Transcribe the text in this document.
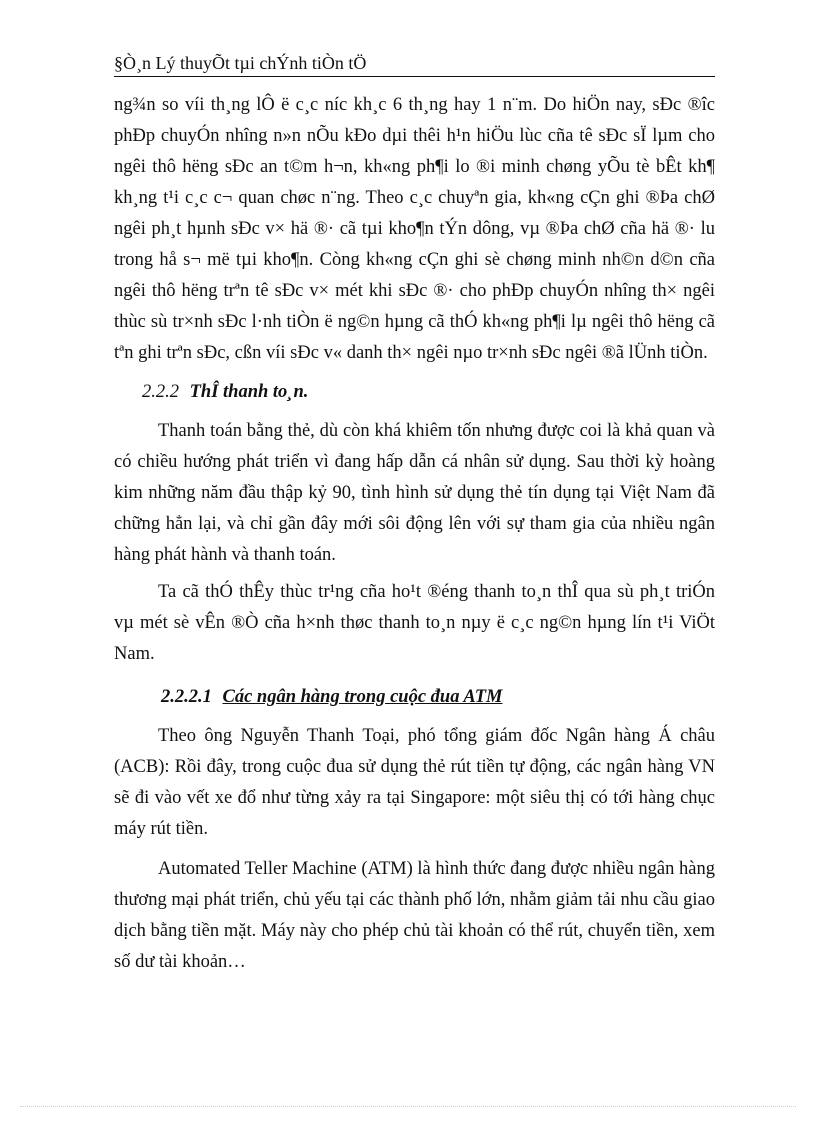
§Ò¸n Lý thuyÕt tµi chÝnh tiÒn tÖ

ng¾n so víi th¸ng lÔ ë c¸c níc kh¸c 6 th¸ng hay 1 n¨m. Do hiÖn nay, sÐc ®îc phÐp chuyÓn nhîng n»n nÕu kÐo dµi thêi h¹n hiÖu lùc cña tê sÐc sÏ lµm cho ngêi thô hëng sÐc an t©m h¬n, kh«ng ph¶i lo ®i minh chøng yÕu tè bÊt kh¶ kh¸ng t¹i c¸c c¬ quan chøc n¨ng. Theo c¸c chuyªn gia, kh«ng cÇn ghi ®Þa chØ ngêi ph¸t hµnh sÐc v× hä ®· cã tµi kho¶n tÝn dông, vµ ®Þa chØ cña hä ®· lu trong hå s¬ më tµi kho¶n. Còng kh«ng cÇn ghi sè chøng minh nh©n d©n cña ngêi thô hëng trªn tê sÐc v× mét khi sÐc ®· cho phÐp chuyÓn nhîng th× ngêi thùc sù tr×nh sÐc l·nh tiÒn ë ng©n hµng cã thÓ kh«ng ph¶i lµ ngêi thô hëng cã tªn ghi trªn sÐc, cßn víi sÐc v« danh th× ngêi nµo tr×nh sÐc ngêi ®ã lÜnh tiÒn.

2.2.2 ThÎ thanh to¸n.

Thanh toán bằng thẻ, dù còn khá khiêm tốn nhưng được coi là khả quan và có chiều hướng phát triển vì đang hấp dẫn cá nhân sử dụng. Sau thời kỳ hoàng kim những năm đầu thập kỷ 90, tình hình sử dụng thẻ tín dụng tại Việt Nam đã chững hẳn lại, và chỉ gần đây mới sôi động lên với sự tham gia của nhiều ngân hàng phát hành và thanh toán.

Ta cã thÓ thÊy thùc tr¹ng cña ho¹t ®éng thanh to¸n thÎ qua sù ph¸t triÓn vµ mét sè vÊn ®Ò cña h×nh thøc thanh to¸n nµy ë c¸c ng©n hµng lín t¹i ViÖt Nam.

2.2.2.1 Các ngân hàng trong cuộc đua ATM

Theo ông Nguyễn Thanh Toại, phó tổng giám đốc Ngân hàng Á châu (ACB): Rồi đây, trong cuộc đua sử dụng thẻ rút tiền tự động, các ngân hàng VN sẽ đi vào vết xe đổ như từng xảy ra tại Singapore: một siêu thị có tới hàng chục máy rút tiền.

Automated Teller Machine (ATM) là hình thức đang được nhiều ngân hàng thương mại phát triển, chủ yếu tại các thành phố lớn, nhằm giảm tải nhu cầu giao dịch bằng tiền mặt. Máy này cho phép chủ tài khoản có thể rút, chuyển tiền, xem số dư tài khoản…
